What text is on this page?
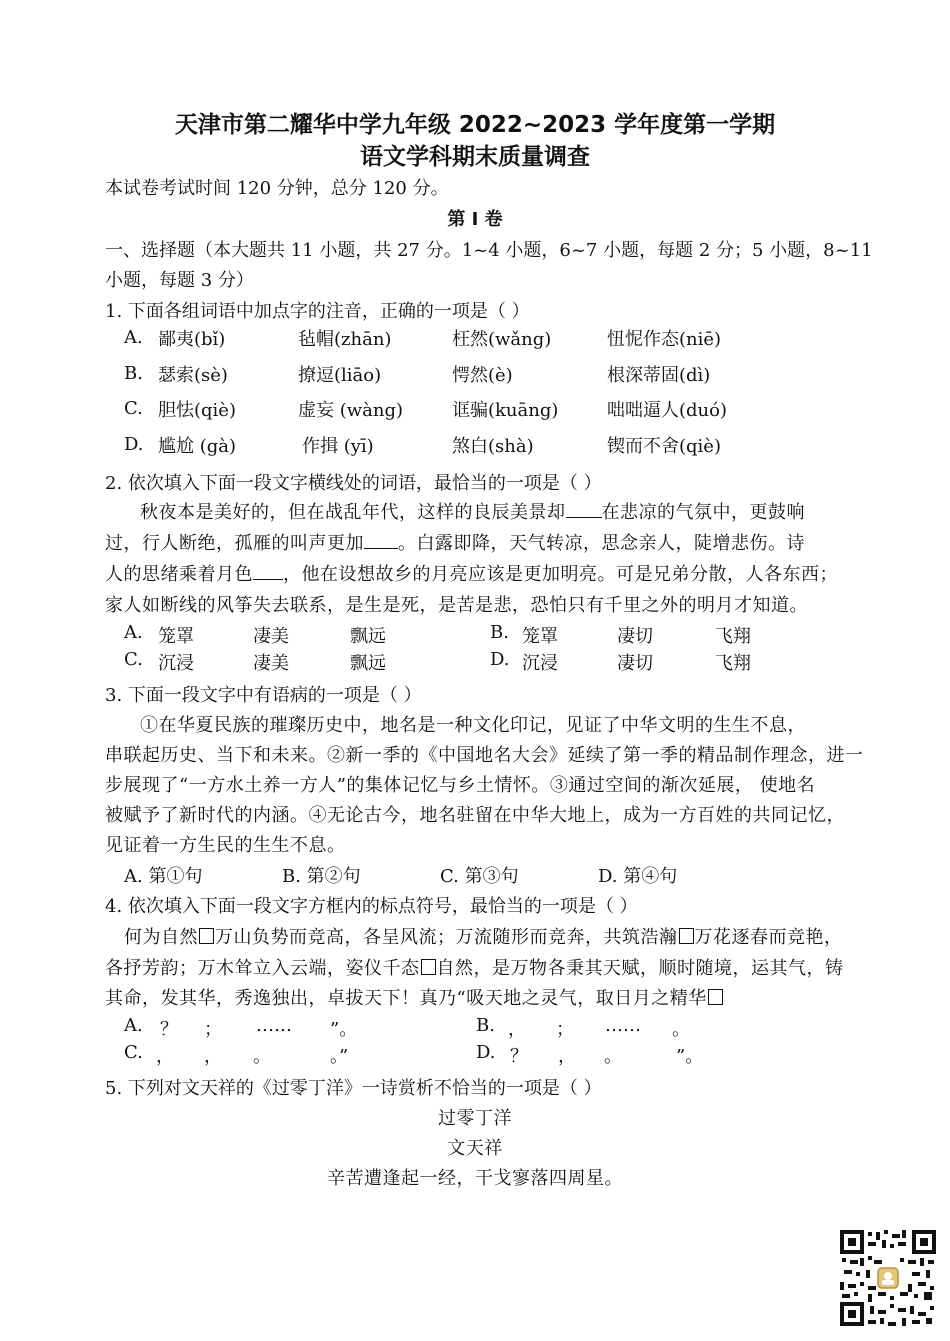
天津市第二耀华中学九年级 2022~2023 学年度第一学期
语文学科期末质量调查
本试卷考试时间 120 分钟，总分 120 分。
第 I 卷
一、选择题（本大题共 11 小题，共 27 分。1~4 小题，6~7 小题，每题 2 分；5 小题，8~11
小题，每题 3 分）
1. 下面各组词语中加点字的注音，正确的一项是（ ）
A. 鄙夷(bǐ)	毡帽(zhān)	枉然(wǎng)	忸怩作态(niē)
B. 瑟索(sè)	撩逗(liāo)	愕然(è)	根深蒂固(dì)
C. 胆怯(qiè)	虚妄 (wàng)	诓骗(kuāng)	咄咄逼人(duó)
D. 尴尬 (gà)	作揖 (yī)	煞白(shà)	锲而不舍(qiè)
2. 依次填入下面一段文字横线处的词语，最恰当的一项是（ ）
秋夜本是美好的，但在战乱年代，这样的良辰美景却 在悲凉的气氛中，更鼓响
过，行人断绝，孤雁的叫声更加 。白露即降，天气转凉，思念亲人，陡增悲伤。诗
人的思绪乘着月色 ，他在设想故乡的月亮应该是更加明亮。可是兄弟分散，人各东西；
家人如断线的风筝失去联系，是生是死，是苦是悲，恐怕只有千里之外的明月才知道。
A. 笼罩	凄美	飘远	B. 笼罩	凄切	飞翔
C. 沉浸	凄美	飘远	D. 沉浸	凄切	飞翔
3. 下面一段文字中有语病的一项是（ ）
①在华夏民族的璀璨历史中，地名是一种文化印记，见证了中华文明的生生不息，
串联起历史、当下和未来。②新一季的《中国地名大会》延续了第一季的精品制作理念，进一
步展现了“一方水土养一方人”的集体记忆与乡土情怀。③通过空间的渐次延展， 使地名
被赋予了新时代的内涵。④无论古今，地名驻留在中华大地上，成为一方百姓的共同记忆，
见证着一方生民的生生不息。
A. 第①句	B. 第②句	C. 第③句	D. 第④句
4. 依次填入下面一段文字方框内的标点符号，最恰当的一项是（ ）
何为自然 万山负势而竞高，各呈风流；万流随形而竞奔，共筑浩瀚 万花逐春而竞艳，
各抒芳韵；万木耸立入云端，姿仪千态 自然，是万物各秉其天赋，顺时随境，运其气，铸
其命，发其华，秀逸独出，卓拔天下！真乃“吸天地之灵气，取日月之精华
A. ？ ； …… ”。	B. ， ； …… 。
C. ， ， 。	。”	D. ？ ， 。	”。
5. 下列对文天祥的《过零丁洋》一诗赏析不恰当的一项是（ ）
过零丁洋
文天祥
辛苦遭逢起一经，干戈寥落四周星。
